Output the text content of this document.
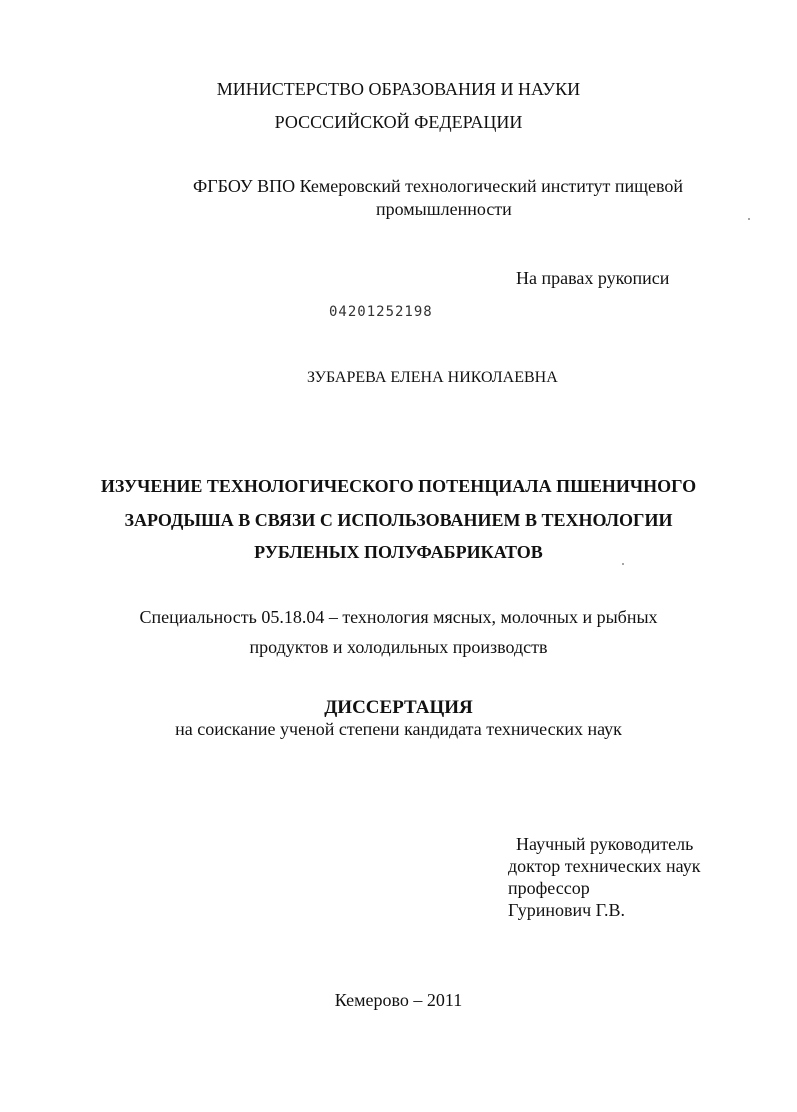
МИНИСТЕРСТВО ОБРАЗОВАНИЯ И НАУКИ
РОСССИЙСКОЙ ФЕДЕРАЦИИ
ФГБОУ ВПО Кемеровский технологический институт пищевой
промышленности
На правах рукописи
04201252198
ЗУБАРЕВА ЕЛЕНА НИКОЛАЕВНА
ИЗУЧЕНИЕ ТЕХНОЛОГИЧЕСКОГО ПОТЕНЦИАЛА ПШЕНИЧНОГО
ЗАРОДЫША В СВЯЗИ С ИСПОЛЬЗОВАНИЕМ В ТЕХНОЛОГИИ
РУБЛЕНЫХ ПОЛУФАБРИКАТОВ
Специальность 05.18.04 – технология мясных, молочных и рыбных
продуктов и холодильных производств
ДИССЕРТАЦИЯ
на соискание ученой степени кандидата технических наук
Научный руководитель
доктор технических наук
профессор
Гуринович Г.В.
Кемерово – 2011
